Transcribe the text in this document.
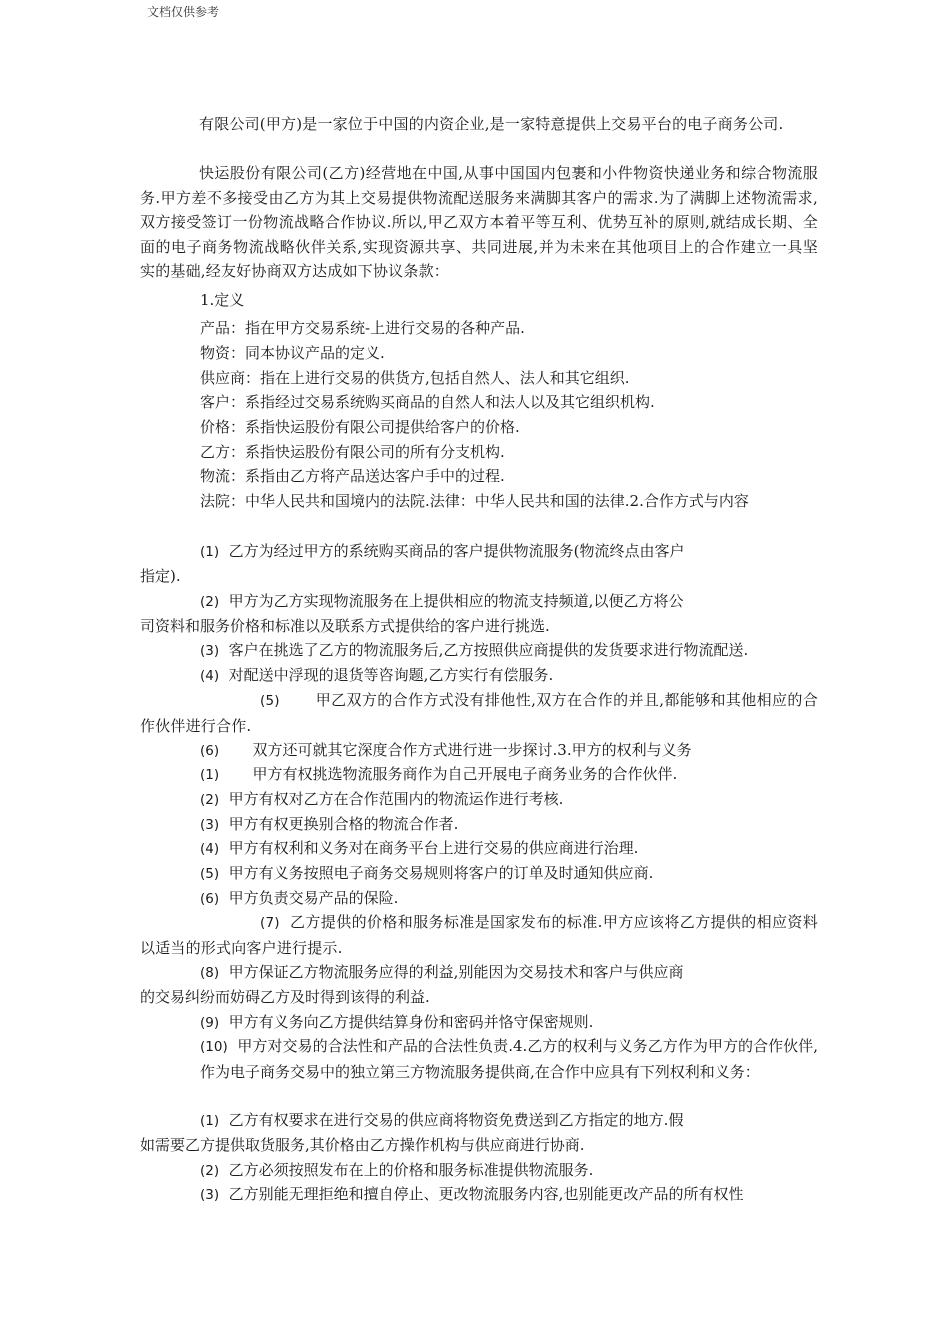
文档仅供参考
有限公司(甲方)是一家位于中国的内资企业,是一家特意提供上交易平台的电子商务公司.
快运股份有限公司(乙方)经营地在中国,从事中国国内包裹和小件物资快递业务和综合物流服务.甲方差不多接受由乙方为其上交易提供物流配送服务来满脚其客户的需求.为了满脚上述物流需求,双方接受签订一份物流战略合作协议.所以,甲乙双方本着平等互利、优势互补的原则,就结成长期、全面的电子商务物流战略伙伴关系,实现资源共享、共同进展,并为未来在其他项目上的合作建立一具坚实的基础,经友好协商双方达成如下协议条款：
1.定义
产品：指在甲方交易系统-上进行交易的各种产品.
物资：同本协议产品的定义.
供应商：指在上进行交易的供货方,包括自然人、法人和其它组织.
客户：系指经过交易系统购买商品的自然人和法人以及其它组织机构.
价格：系指快运股份有限公司提供给客户的价格.
乙方：系指快运股份有限公司的所有分支机构.
物流：系指由乙方将产品送达客户手中的过程.
法院：中华人民共和国境内的法院.法律：中华人民共和国的法律.2.合作方式与内容
(1) 乙方为经过甲方的系统购买商品的客户提供物流服务(物流终点由客户
指定).
(2) 甲方为乙方实现物流服务在上提供相应的物流支持频道,以便乙方将公
司资料和服务价格和标准以及联系方式提供给的客户进行挑选.
(3) 客户在挑选了乙方的物流服务后,乙方按照供应商提供的发货要求进行物流配送.
(4) 对配送中浮现的退货等咨询题,乙方实行有偿服务.
(5) 甲乙双方的合作方式没有排他性,双方在合作的并且,都能够和其他相应的合作伙伴进行合作.
(6) 双方还可就其它深度合作方式进行进一步探讨.3.甲方的权利与义务
(1) 甲方有权挑选物流服务商作为自己开展电子商务业务的合作伙伴.
(2) 甲方有权对乙方在合作范围内的物流运作进行考核.
(3) 甲方有权更换别合格的物流合作者.
(4) 甲方有权利和义务对在商务平台上进行交易的供应商进行治理.
(5) 甲方有义务按照电子商务交易规则将客户的订单及时通知供应商.
(6) 甲方负责交易产品的保险.
(7) 乙方提供的价格和服务标准是国家发布的标准.甲方应该将乙方提供的相应资料以适当的形式向客户进行提示.
(8) 甲方保证乙方物流服务应得的利益,别能因为交易技术和客户与供应商
的交易纠纷而妨碍乙方及时得到该得的利益.
(9) 甲方有义务向乙方提供结算身份和密码并恪守保密规则.
(10) 甲方对交易的合法性和产品的合法性负责.4.乙方的权利与义务乙方作为甲方的合作伙伴,作为电子商务交易中的独立第三方物流服务提供商,在合作中应具有下列权利和义务：
(1) 乙方有权要求在进行交易的供应商将物资免费送到乙方指定的地方.假
如需要乙方提供取货服务,其价格由乙方操作机构与供应商进行协商.
(2) 乙方必须按照发布在上的价格和服务标准提供物流服务.
(3) 乙方别能无理拒绝和擅自停止、更改物流服务内容,也别能更改产品的所有权性
